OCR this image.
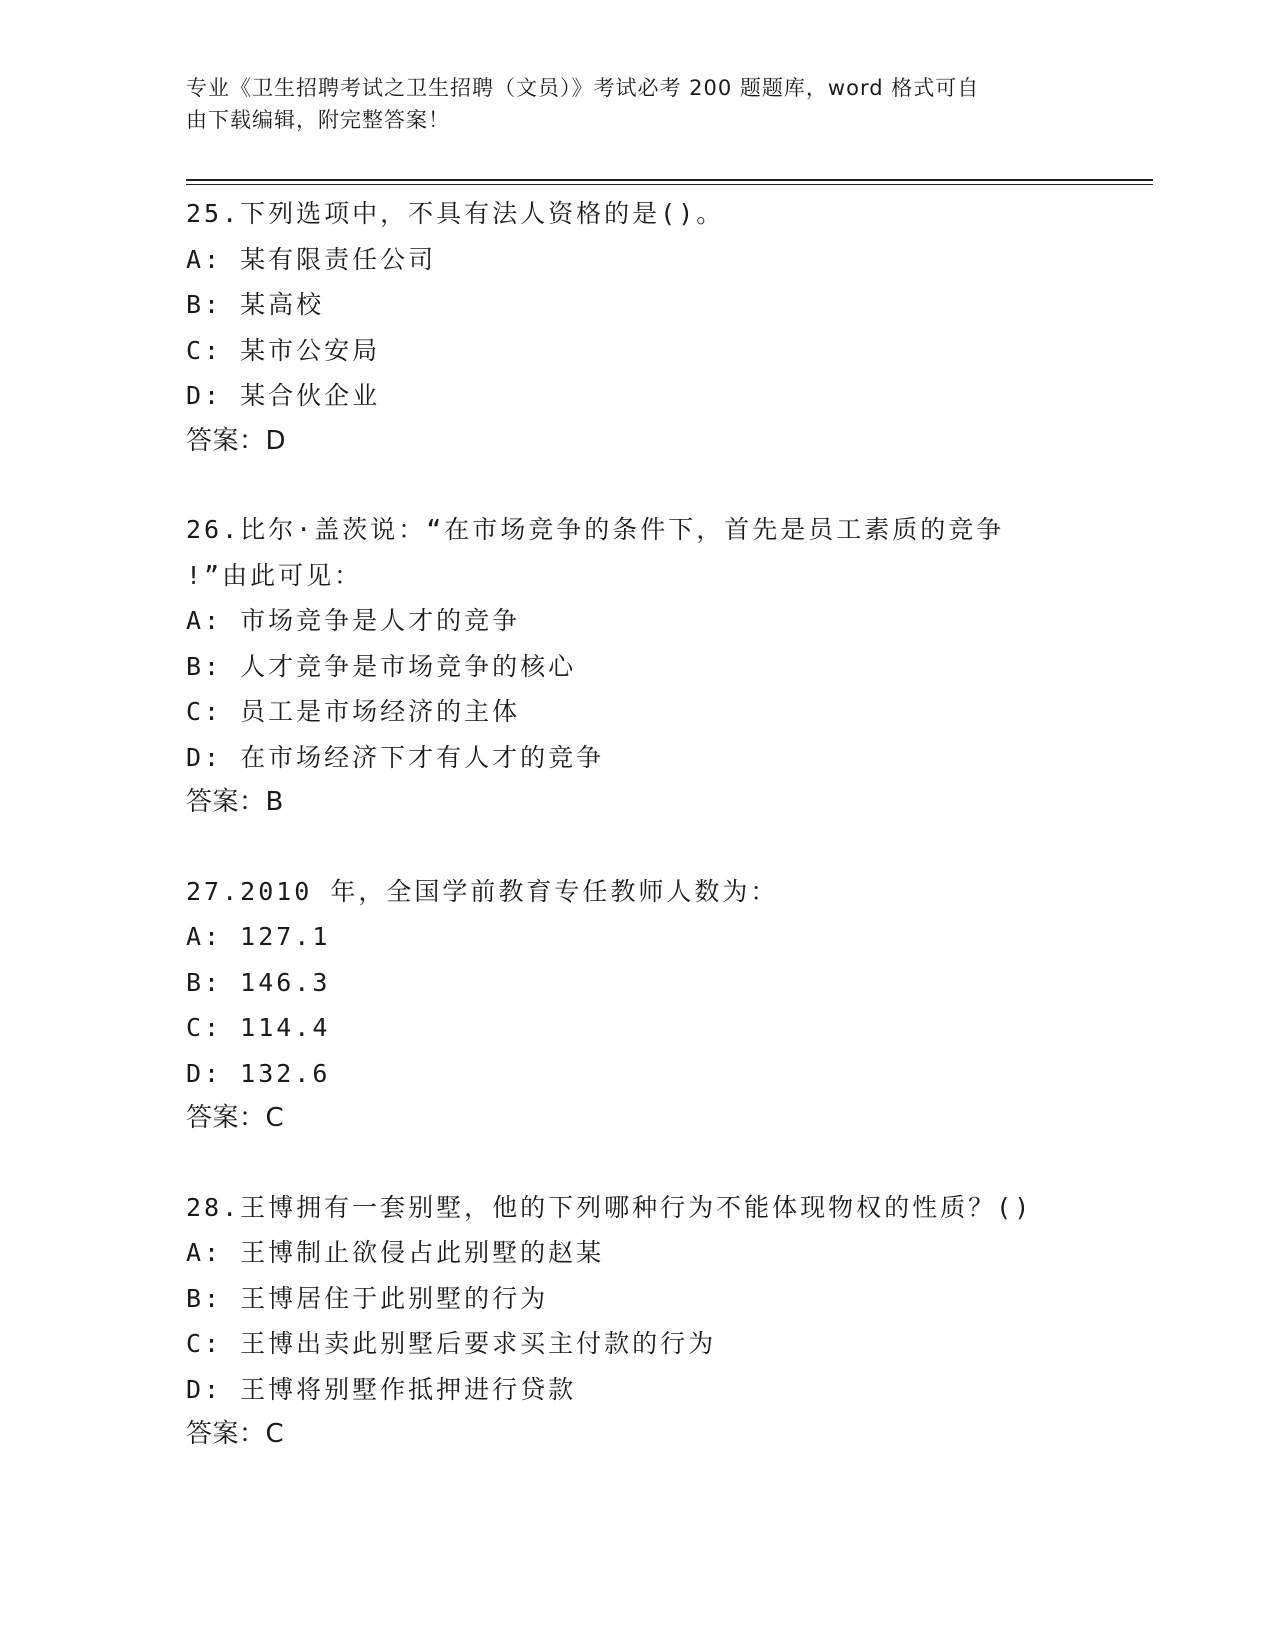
专业《卫生招聘考试之卫生招聘（文员）》考试必考 200 题题库，word 格式可自
由下载编辑，附完整答案！
25.下列选项中，不具有法人资格的是()。
A: 某有限责任公司
B: 某高校
C: 某市公安局
D: 某合伙企业
答案：D
26.比尔·盖茨说：“在市场竞争的条件下，首先是员工素质的竞争
!”由此可见：
A: 市场竞争是人才的竞争
B: 人才竞争是市场竞争的核心
C: 员工是市场经济的主体
D: 在市场经济下才有人才的竞争
答案：B
27.2010 年，全国学前教育专任教师人数为：
A: 127.1
B: 146.3
C: 114.4
D: 132.6
答案：C
28.王博拥有一套别墅，他的下列哪种行为不能体现物权的性质？()
A: 王博制止欲侵占此别墅的赵某
B: 王博居住于此别墅的行为
C: 王博出卖此别墅后要求买主付款的行为
D: 王博将别墅作抵押进行贷款
答案：C
